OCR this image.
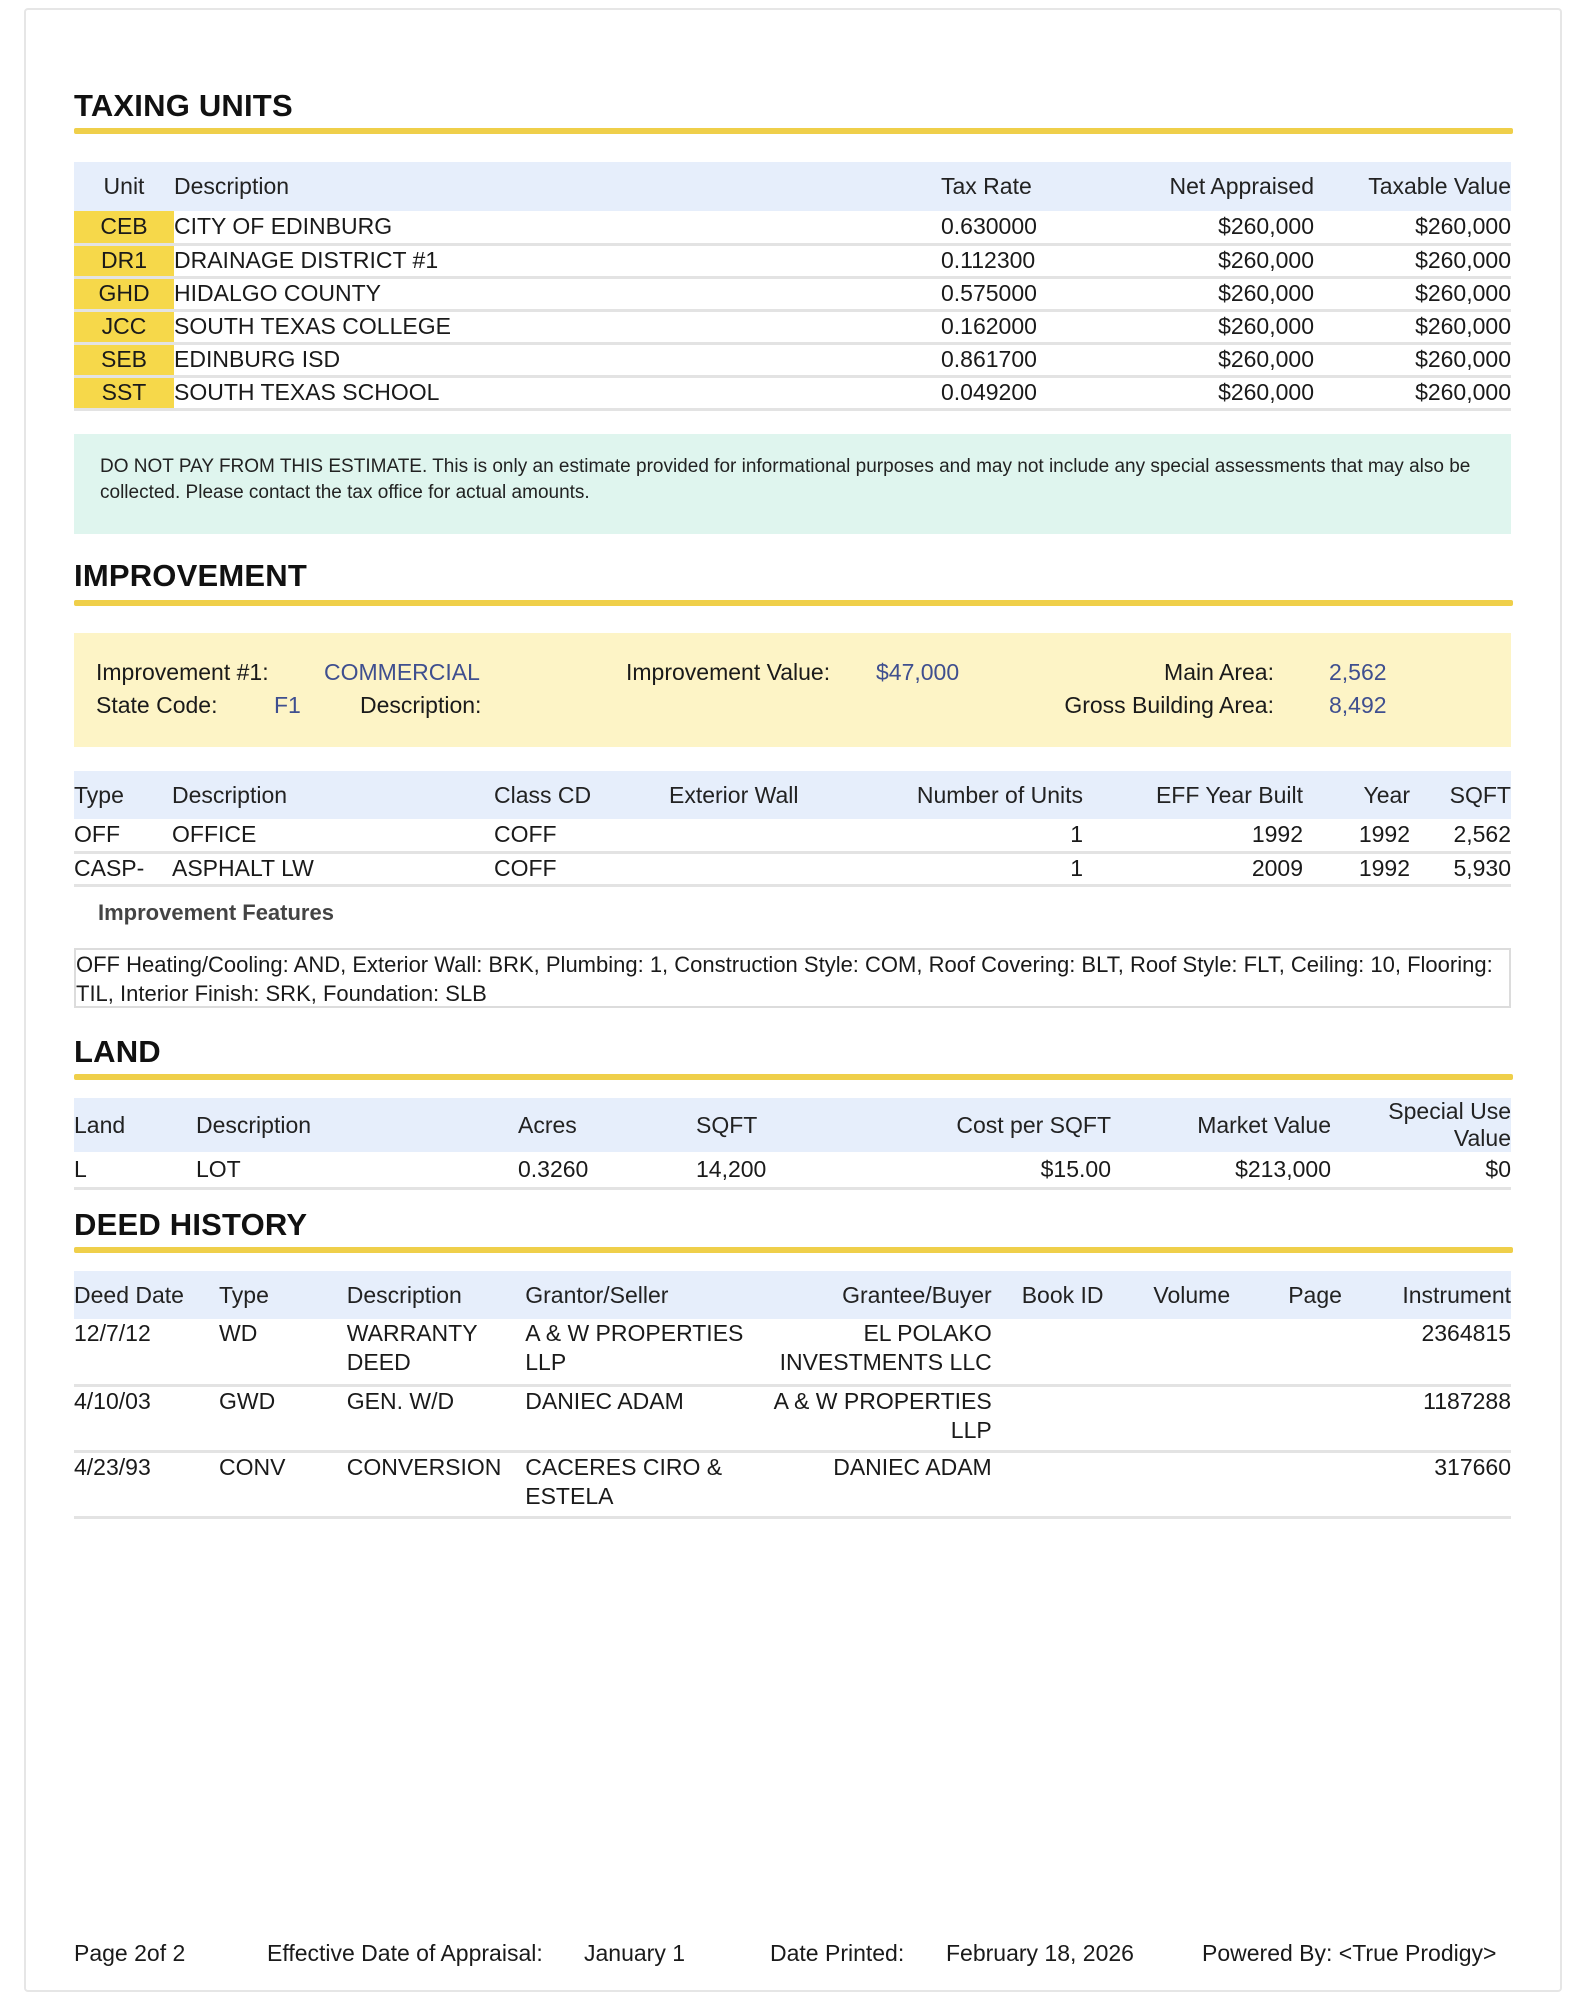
TAXING UNITS
Unit	Description	Tax Rate	Net Appraised	Taxable Value
CEB	CITY OF EDINBURG	0.630000	$260,000	$260,000
DR1	DRAINAGE DISTRICT #1	0.112300	$260,000	$260,000
GHD	HIDALGO COUNTY	0.575000	$260,000	$260,000
JCC	SOUTH TEXAS COLLEGE	0.162000	$260,000	$260,000
SEB	EDINBURG ISD	0.861700	$260,000	$260,000
SST	SOUTH TEXAS SCHOOL	0.049200	$260,000	$260,000
DO NOT PAY FROM THIS ESTIMATE. This is only an estimate provided for informational purposes and may not include any special assessments that may also be collected. Please contact the tax office for actual amounts.
IMPROVEMENT
Improvement #1: COMMERCIAL
State Code: F1	Description:
Improvement Value: $47,000	Main Area: 2,562
Gross Building Area: 8,492
Type	Description	Class CD	Exterior Wall	Number of Units	EFF Year Built	Year	SQFT
OFF	OFFICE	COFF		1	1992	1992	2,562
CASP-	ASPHALT LW	COFF		1	2009	1992	5,930
Improvement Features
OFF Heating/Cooling: AND, Exterior Wall: BRK, Plumbing: 1, Construction Style: COM, Roof Covering: BLT, Roof Style: FLT, Ceiling: 10, Flooring: TIL, Interior Finish: SRK, Foundation: SLB
LAND
Land	Description	Acres	SQFT	Cost per SQFT	Market Value	Special Use Value
L	LOT	0.3260	14,200	$15.00	$213,000	$0
DEED HISTORY
Deed Date	Type	Description	Grantor/Seller	Grantee/Buyer	Book ID	Volume	Page	Instrument
12/7/12	WD	WARRANTY DEED	A & W PROPERTIES LLP	EL POLAKO INVESTMENTS LLC				2364815
4/10/03	GWD	GEN. W/D	DANIEC ADAM	A & W PROPERTIES LLP				1187288
4/23/93	CONV	CONVERSION	CACERES CIRO & ESTELA	DANIEC ADAM				317660
Page 2of 2	Effective Date of Appraisal: January 1	Date Printed: February 18, 2026	Powered By: <True Prodigy>
